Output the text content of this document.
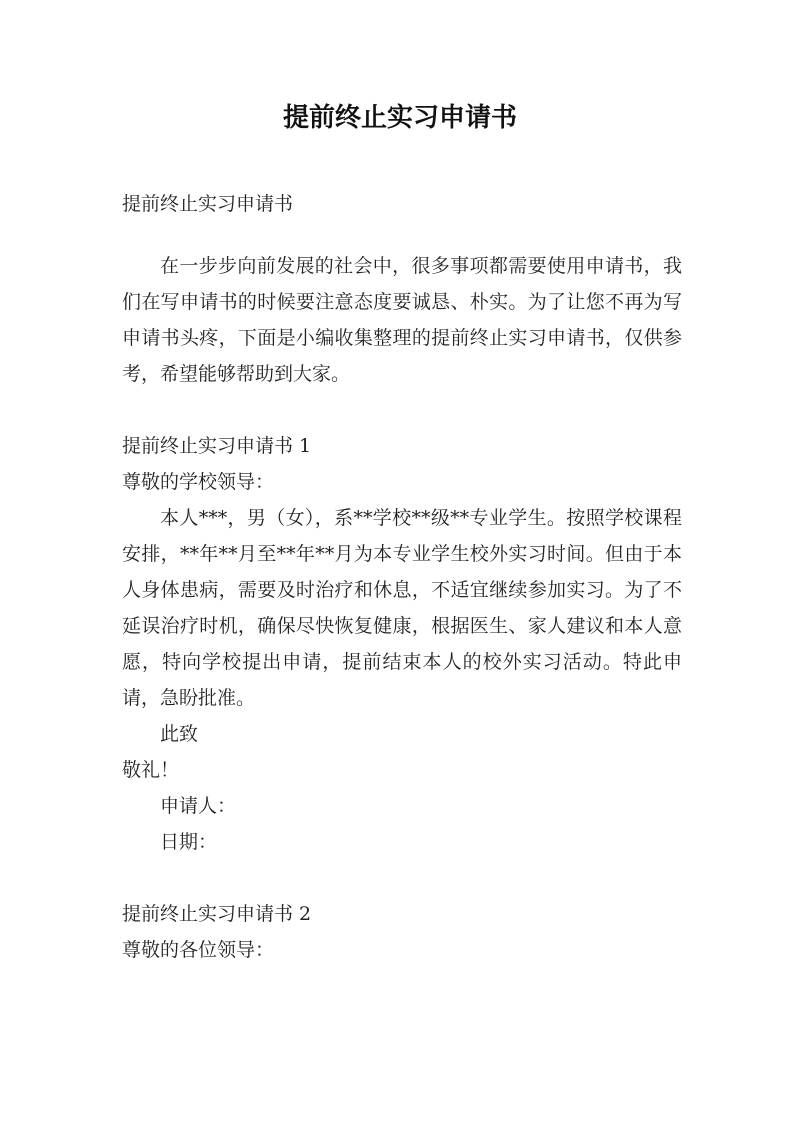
提前终止实习申请书

提前终止实习申请书

在一步步向前发展的社会中，很多事项都需要使用申请书，我们在写申请书的时候要注意态度要诚恳、朴实。为了让您不再为写申请书头疼，下面是小编收集整理的提前终止实习申请书，仅供参考，希望能够帮助到大家。

提前终止实习申请书 1

尊敬的学校领导：

本人***，男（女），系**学校**级**专业学生。按照学校课程安排，**年**月至**年**月为本专业学生校外实习时间。但由于本人身体患病，需要及时治疗和休息，不适宜继续参加实习。为了不延误治疗时机，确保尽快恢复健康，根据医生、家人建议和本人意愿，特向学校提出申请，提前结束本人的校外实习活动。特此申请，急盼批准。

此致

敬礼！

申请人：

日期：

提前终止实习申请书 2

尊敬的各位领导：
